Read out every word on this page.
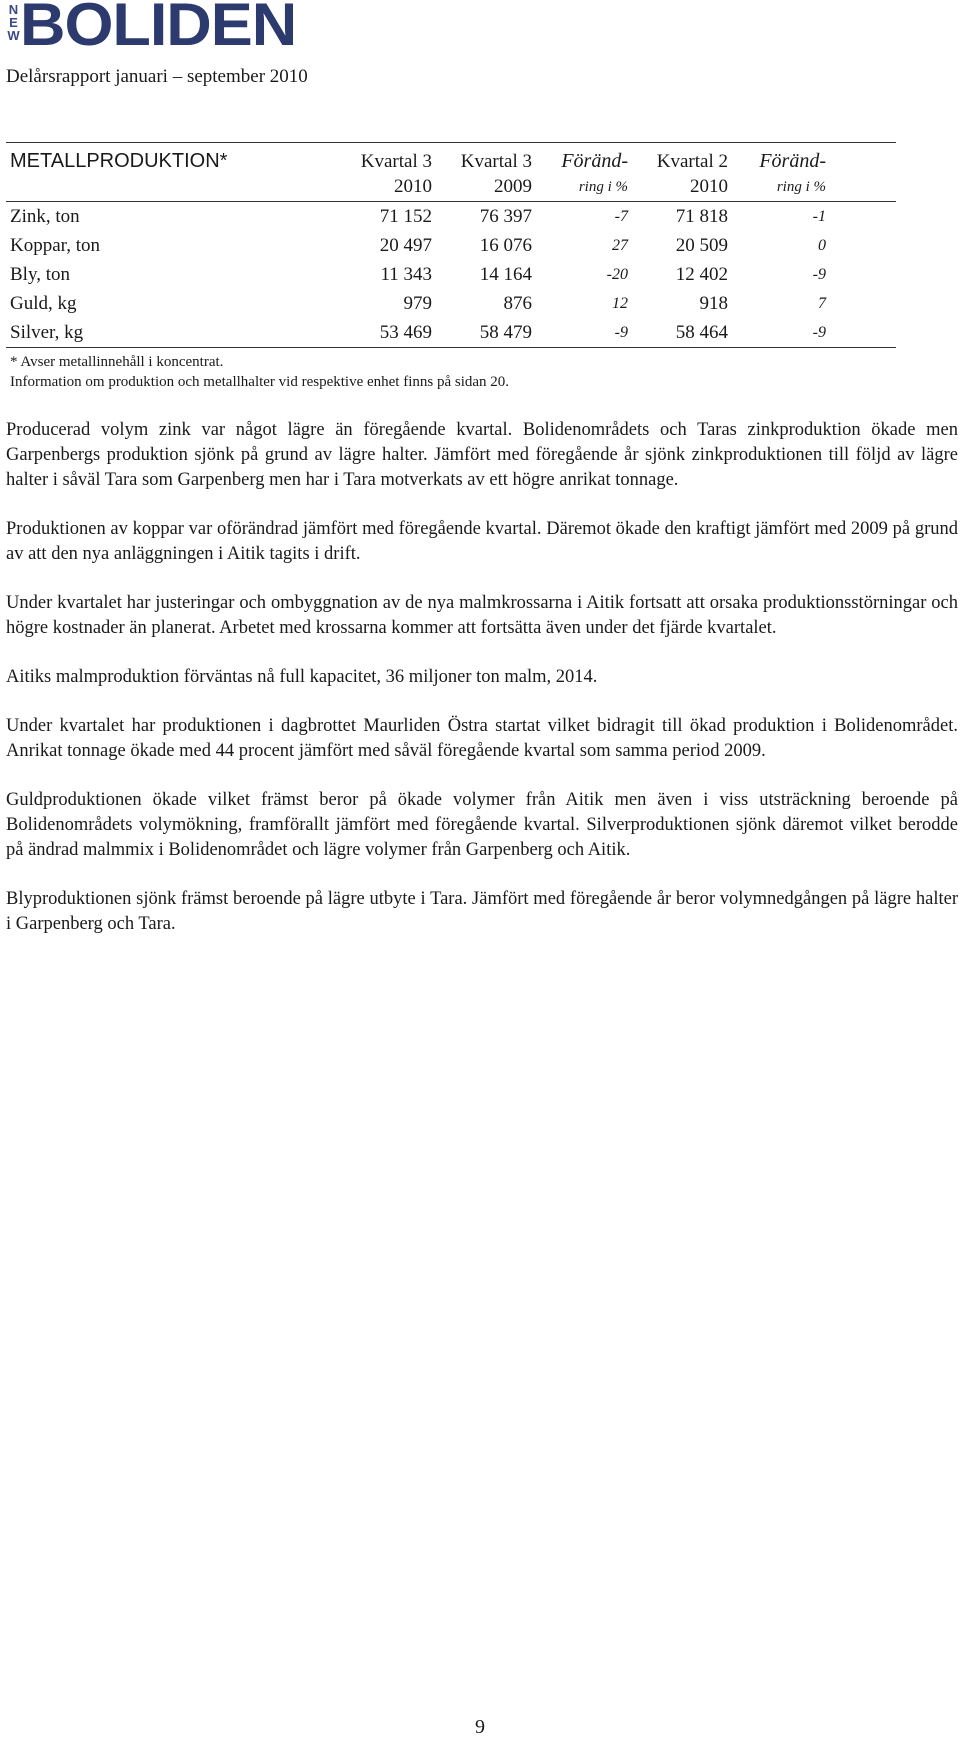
NEW BOLIDEN
Delårsrapport januari – september 2010
METALLPRODUKTION*	Kvartal 3	Kvartal 3	Föränd-	Kvartal 2	Föränd-	
	2010	2009	ring i %	2010	ring i %	
Zink, ton	71 152	76 397	-7	71 818	-1	
Koppar, ton	20 497	16 076	27	20 509	0	
Bly, ton	11 343	14 164	-20	12 402	-9	
Guld, kg	979	876	12	918	7	
Silver, kg	53 469	58 479	-9	58 464	-9	
* Avser metallinnehåll i koncentrat.
Information om produktion och metallhalter vid respektive enhet finns på sidan 20.

Producerad volym zink var något lägre än föregående kvartal. Bolidenområdets och Taras zinkproduktion ökade men Garpenbergs produktion sjönk på grund av lägre halter. Jämfört med föregående år sjönk zinkproduktionen till följd av lägre halter i såväl Tara som Garpenberg men har i Tara motverkats av ett högre anrikat tonnage.

Produktionen av koppar var oförändrad jämfört med föregående kvartal. Däremot ökade den kraftigt jämfört med 2009 på grund av att den nya anläggningen i Aitik tagits i drift.

Under kvartalet har justeringar och ombyggnation av de nya malmkrossarna i Aitik fortsatt att orsaka produktionsstörningar och högre kostnader än planerat. Arbetet med krossarna kommer att fortsätta även under det fjärde kvartalet.

Aitiks malmproduktion förväntas nå full kapacitet, 36 miljoner ton malm, 2014.

Under kvartalet har produktionen i dagbrottet Maurliden Östra startat vilket bidragit till ökad produktion i Bolidenområdet. Anrikat tonnage ökade med 44 procent jämfört med såväl föregående kvartal som samma period 2009.

Guldproduktionen ökade vilket främst beror på ökade volymer från Aitik men även i viss utsträckning beroende på Bolidenområdets volymökning, framförallt jämfört med föregående kvartal. Silverproduktionen sjönk däremot vilket berodde på ändrad malmmix i Bolidenområdet och lägre volymer från Garpenberg och Aitik.

Blyproduktionen sjönk främst beroende på lägre utbyte i Tara. Jämfört med föregående år beror volymnedgången på lägre halter i Garpenberg och Tara.

9
